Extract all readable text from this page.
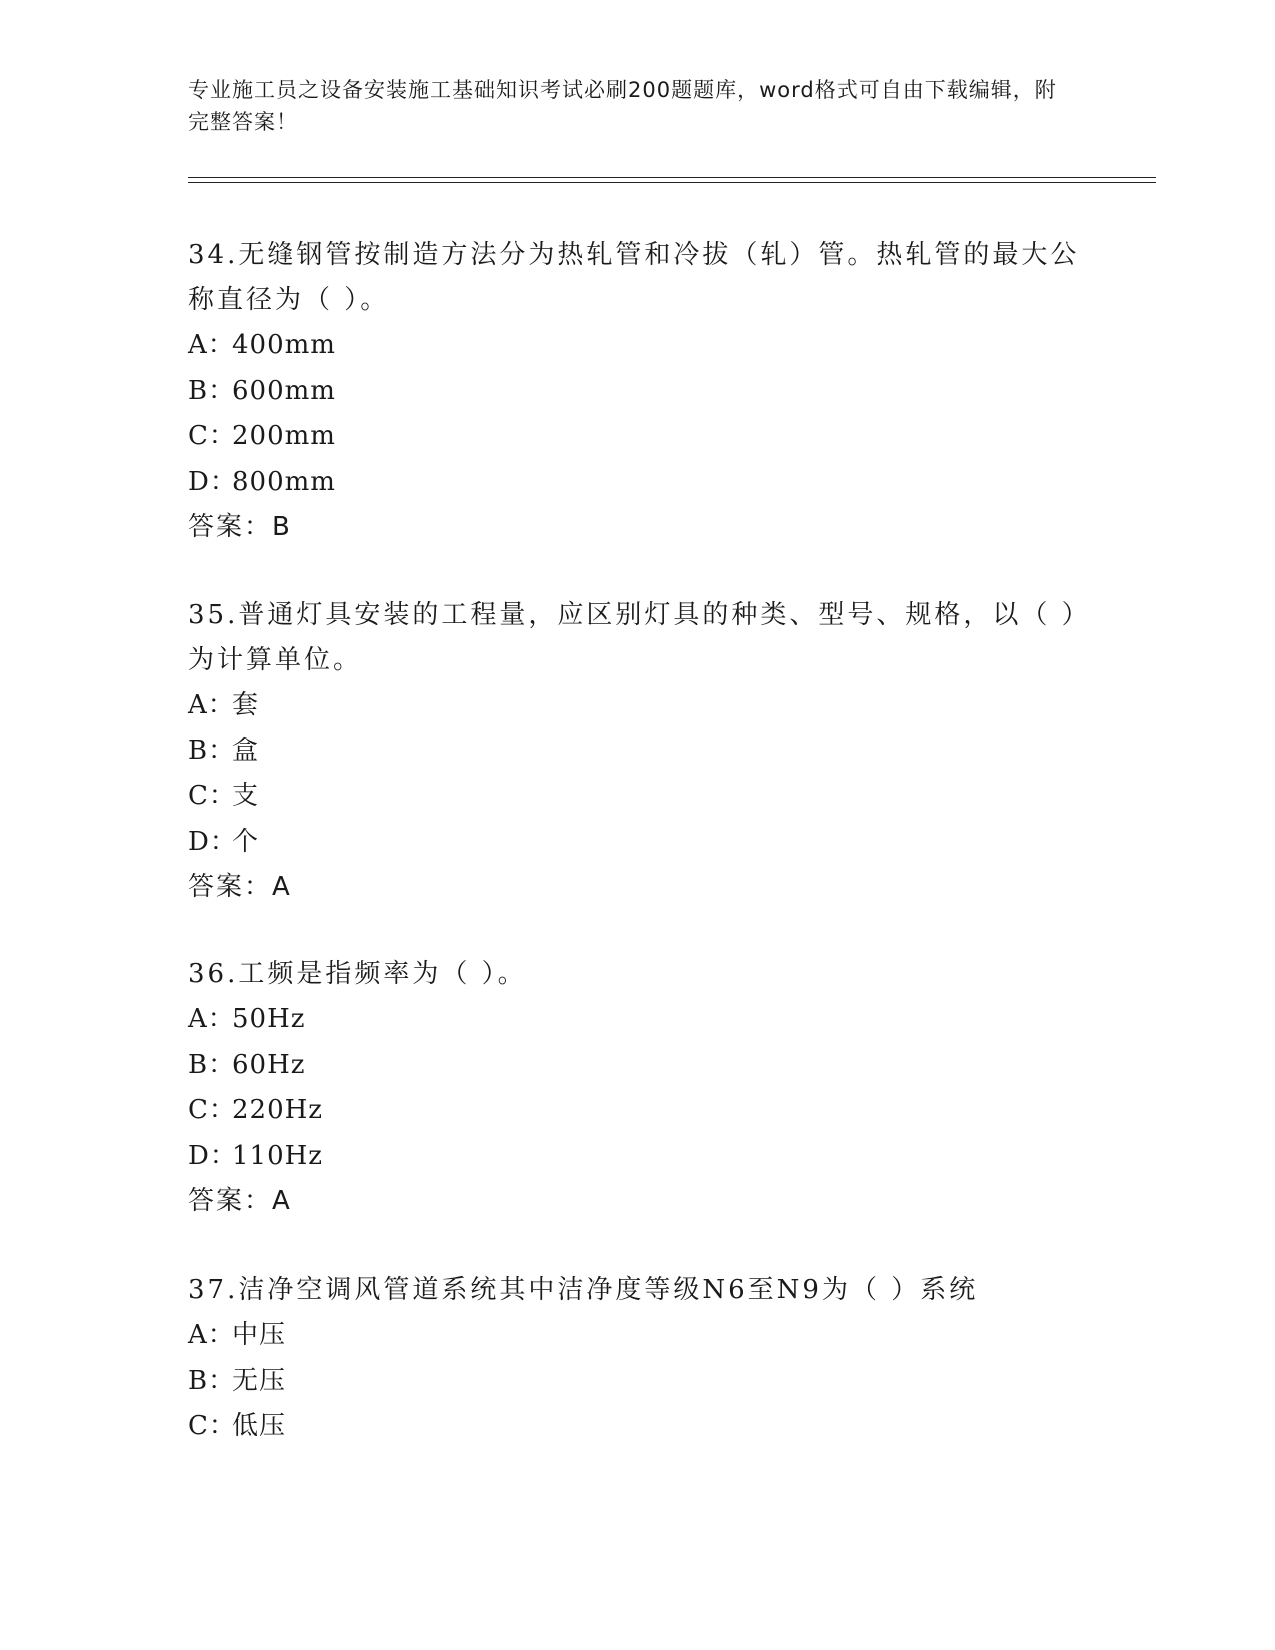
专业施工员之设备安装施工基础知识考试必刷200题题库，word格式可自由下载编辑，附完整答案！

34.无缝钢管按制造方法分为热轧管和冷拔（轧）管。热轧管的最大公称直径为（ ）。

A：400mm

B：600mm

C：200mm

D：800mm

答案：B

35.普通灯具安装的工程量，应区别灯具的种类、型号、规格，以（ ）为计算单位。

A：套

B：盒

C：支

D：个

答案：A

36.工频是指频率为（ ）。

A：50Hz

B：60Hz

C：220Hz

D：110Hz

答案：A

37.洁净空调风管道系统其中洁净度等级N6至N9为（ ）系统

A：中压

B：无压

C：低压
